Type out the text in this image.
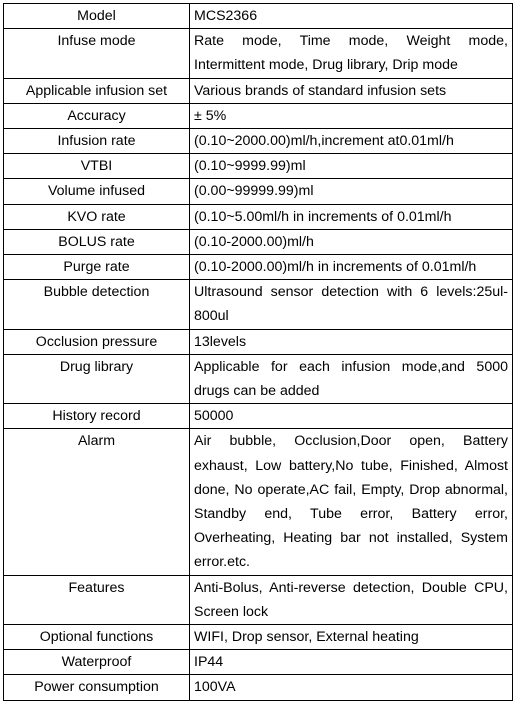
Model	MCS2366
Infuse mode	Rate mode, Time mode, Weight mode, Intermittent mode, Drug library, Drip mode
Applicable infusion set	Various brands of standard infusion sets
Accuracy	± 5%
Infusion rate	(0.10~2000.00)ml/h,increment at0.01ml/h
VTBI	(0.10~9999.99)ml
Volume infused	(0.00~99999.99)ml
KVO rate	(0.10~5.00ml/h in increments of 0.01ml/h
BOLUS rate	(0.10-2000.00)ml/h
Purge rate	(0.10-2000.00)ml/h in increments of 0.01ml/h
Bubble detection	Ultrasound sensor detection with 6 levels:25ul-800ul
Occlusion pressure	13levels
Drug library	Applicable for each infusion mode,and 5000 drugs can be added
History record	50000
Alarm	Air bubble, Occlusion,Door open, Battery exhaust, Low battery,No tube, Finished, Almost done, No operate,AC fail, Empty, Drop abnormal, Standby end, Tube error, Battery error, Overheating, Heating bar not installed, System error.etc.
Features	Anti-Bolus, Anti-reverse detection, Double CPU, Screen lock
Optional functions	WIFI, Drop sensor, External heating
Waterproof	IP44
Power consumption	100VA
